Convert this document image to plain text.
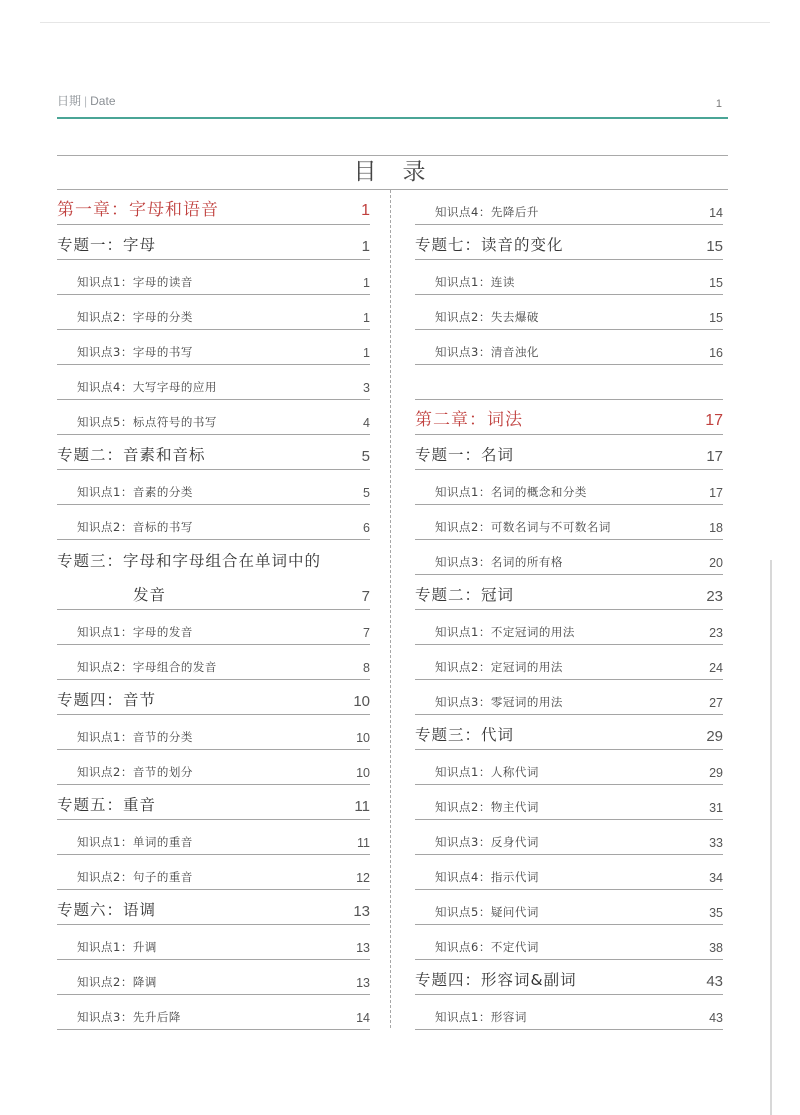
日期 | Date	1
目录
第一章：字母和语音	1
专题一：字母	1
知识点1：字母的读音	1
知识点2：字母的分类	1
知识点3：字母的书写	1
知识点4：大写字母的应用	3
知识点5：标点符号的书写	4
专题二：音素和音标	5
知识点1：音素的分类	5
知识点2：音标的书写	6
专题三：字母和字母组合在单词中的
发音	7
知识点1：字母的发音	7
知识点2：字母组合的发音	8
专题四：音节	10
知识点1：音节的分类	10
知识点2：音节的划分	10
专题五：重音	11
知识点1：单词的重音	11
知识点2：句子的重音	12
专题六：语调	13
知识点1：升调	13
知识点2：降调	13
知识点3：先升后降	14
知识点4：先降后升	14
专题七：读音的变化	15
知识点1：连读	15
知识点2：失去爆破	15
知识点3：清音浊化	16
第二章：词法	17
专题一：名词	17
知识点1：名词的概念和分类	17
知识点2：可数名词与不可数名词	18
知识点3：名词的所有格	20
专题二：冠词	23
知识点1：不定冠词的用法	23
知识点2：定冠词的用法	24
知识点3：零冠词的用法	27
专题三：代词	29
知识点1：人称代词	29
知识点2：物主代词	31
知识点3：反身代词	33
知识点4：指示代词	34
知识点5：疑问代词	35
知识点6：不定代词	38
专题四：形容词&副词	43
知识点1：形容词	43
